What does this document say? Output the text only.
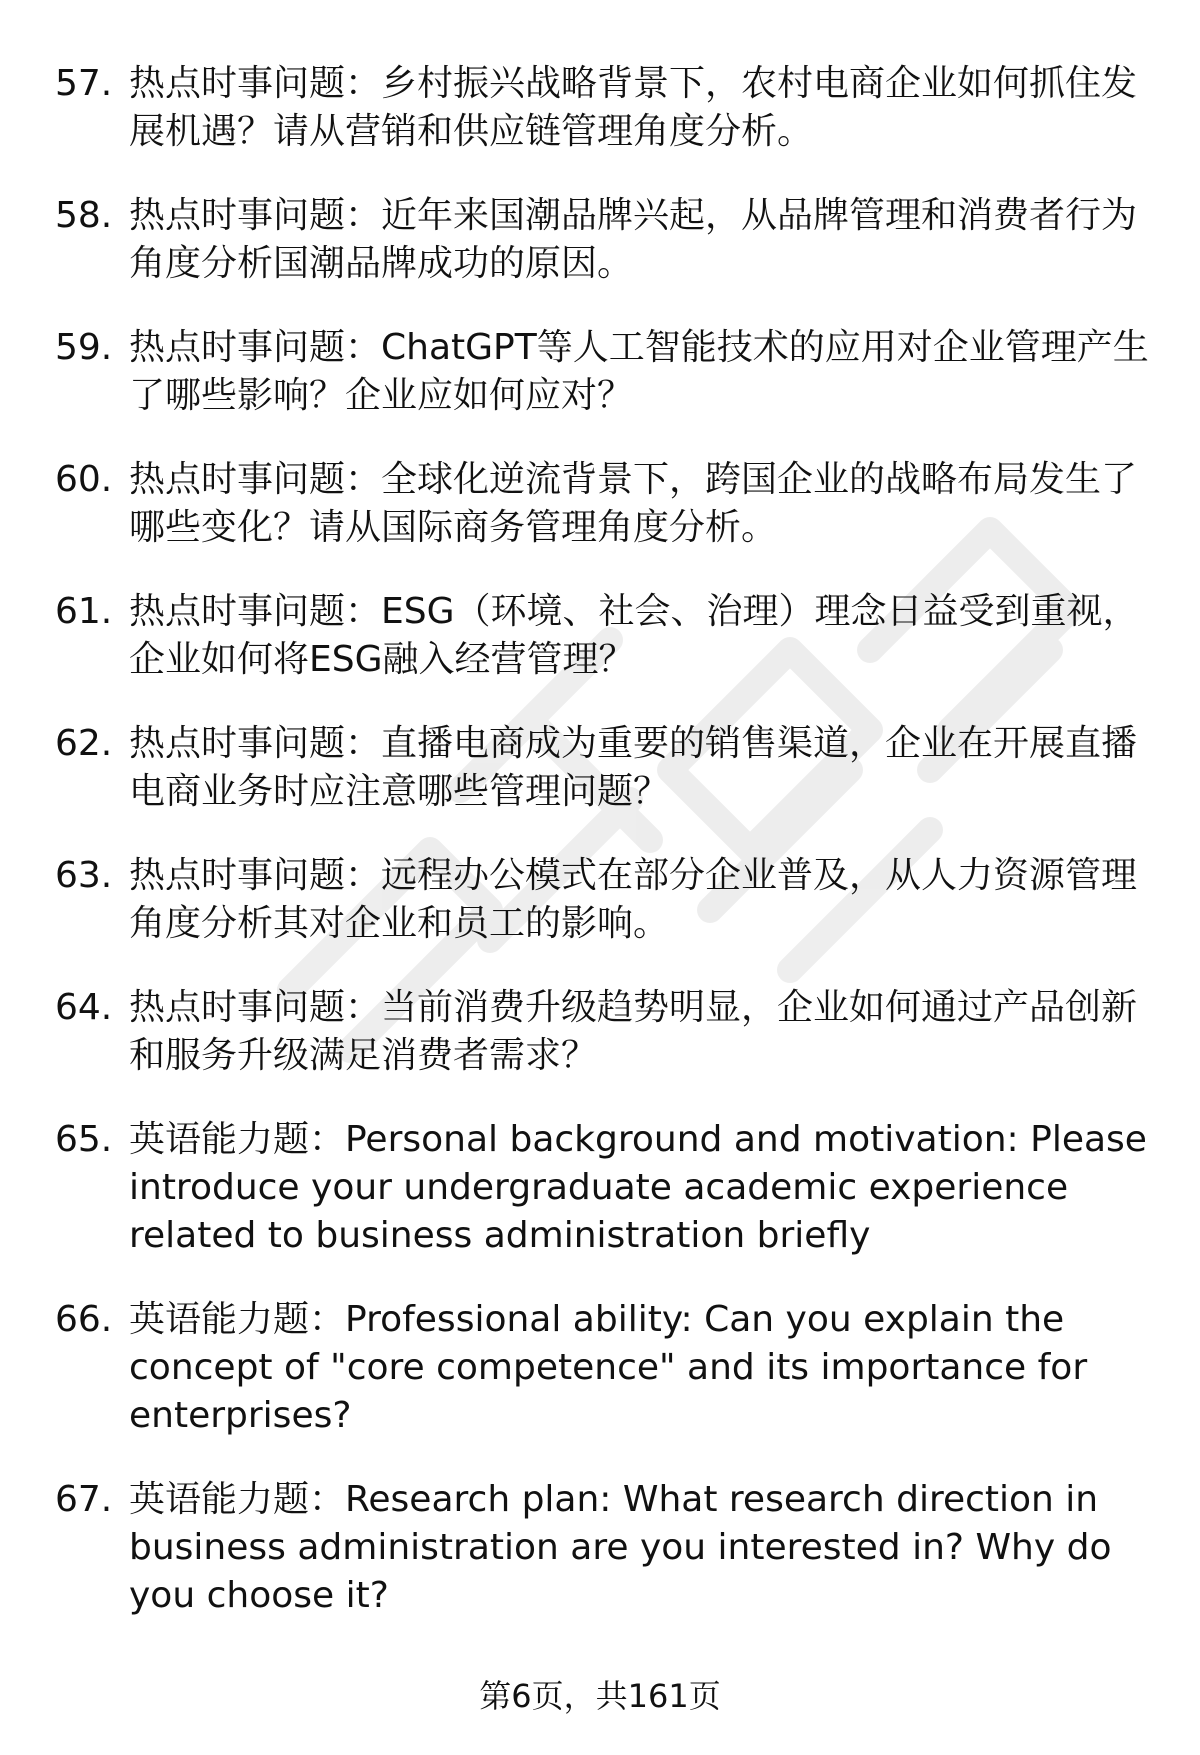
57. 热点时事问题：乡村振兴战略背景下，农村电商企业如何抓住发展机遇？请从营销和供应链管理角度分析。
58. 热点时事问题：近年来国潮品牌兴起，从品牌管理和消费者行为角度分析国潮品牌成功的原因。
59. 热点时事问题：ChatGPT等人工智能技术的应用对企业管理产生了哪些影响？企业应如何应对？
60. 热点时事问题：全球化逆流背景下，跨国企业的战略布局发生了哪些变化？请从国际商务管理角度分析。
61. 热点时事问题：ESG（环境、社会、治理）理念日益受到重视，企业如何将ESG融入经营管理？
62. 热点时事问题：直播电商成为重要的销售渠道，企业在开展直播电商业务时应注意哪些管理问题？
63. 热点时事问题：远程办公模式在部分企业普及，从人力资源管理角度分析其对企业和员工的影响。
64. 热点时事问题：当前消费升级趋势明显，企业如何通过产品创新和服务升级满足消费者需求？
65. 英语能力题：Personal background and motivation: Please introduce your undergraduate academic experience related to business administration briefly
66. 英语能力题：Professional ability: Can you explain the concept of "core competence" and its importance for enterprises?
67. 英语能力题：Research plan: What research direction in business administration are you interested in? Why do you choose it?
第6页，共161页
